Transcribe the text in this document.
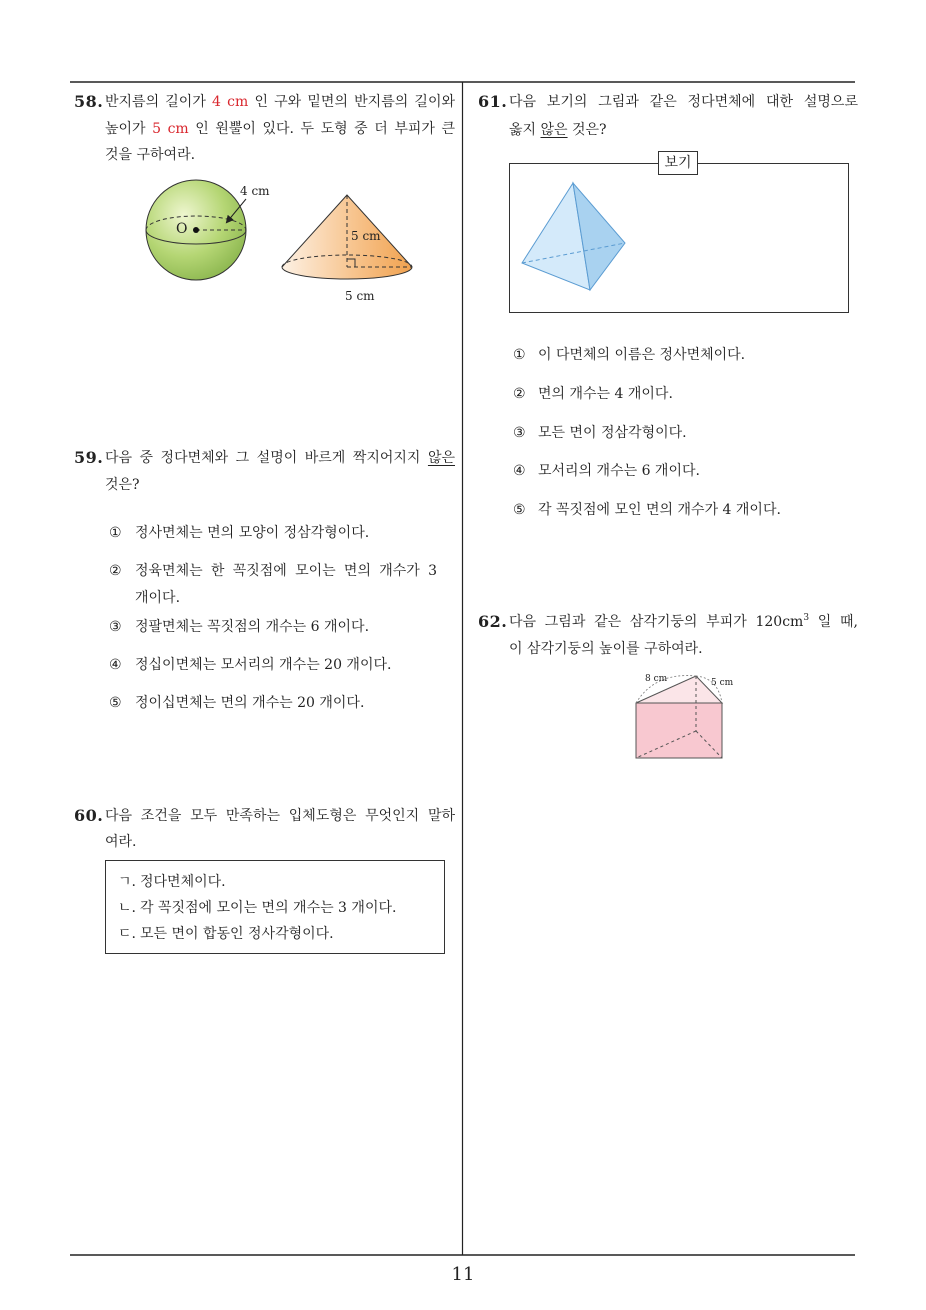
58. 반지름의 길이가 4 cm 인 구와 밑면의 반지름의 길이와
높이가 5 cm 인 원뿔이 있다. 두 도형 중 더 부피가 큰
것을 구하여라.
4 cm
O	5 cm
5 cm
59. 다음 중 정다면체와 그 설명이 바르게 짝지어지지 않은
것은?
① 정사면체는 면의 모양이 정삼각형이다.
② 정육면체는 한 꼭짓점에 모이는 면의 개수가 3
개이다.
③ 정팔면체는 꼭짓점의 개수는 6 개이다.
④ 정십이면체는 모서리의 개수는 20 개이다.
⑤ 정이십면체는 면의 개수는 20 개이다.
60. 다음 조건을 모두 만족하는 입체도형은 무엇인지 말하
여라.
ㄱ. 정다면체이다.
ㄴ. 각 꼭짓점에 모이는 면의 개수는 3 개이다.
ㄷ. 모든 면이 합동인 정사각형이다.
61. 다음 보기의 그림과 같은 정다면체에 대한 설명으로
옳지 않은 것은?
보기
① 이 다면체의 이름은 정사면체이다.
② 면의 개수는 4 개이다.
③ 모든 면이 정삼각형이다.
④ 모서리의 개수는 6 개이다.
⑤ 각 꼭짓점에 모인 면의 개수가 4 개이다.
62. 다음 그림과 같은 삼각기둥의 부피가 $120cm^3$ 일 때,
이 삼각기둥의 높이를 구하여라.
8 cm	5 cm
11
